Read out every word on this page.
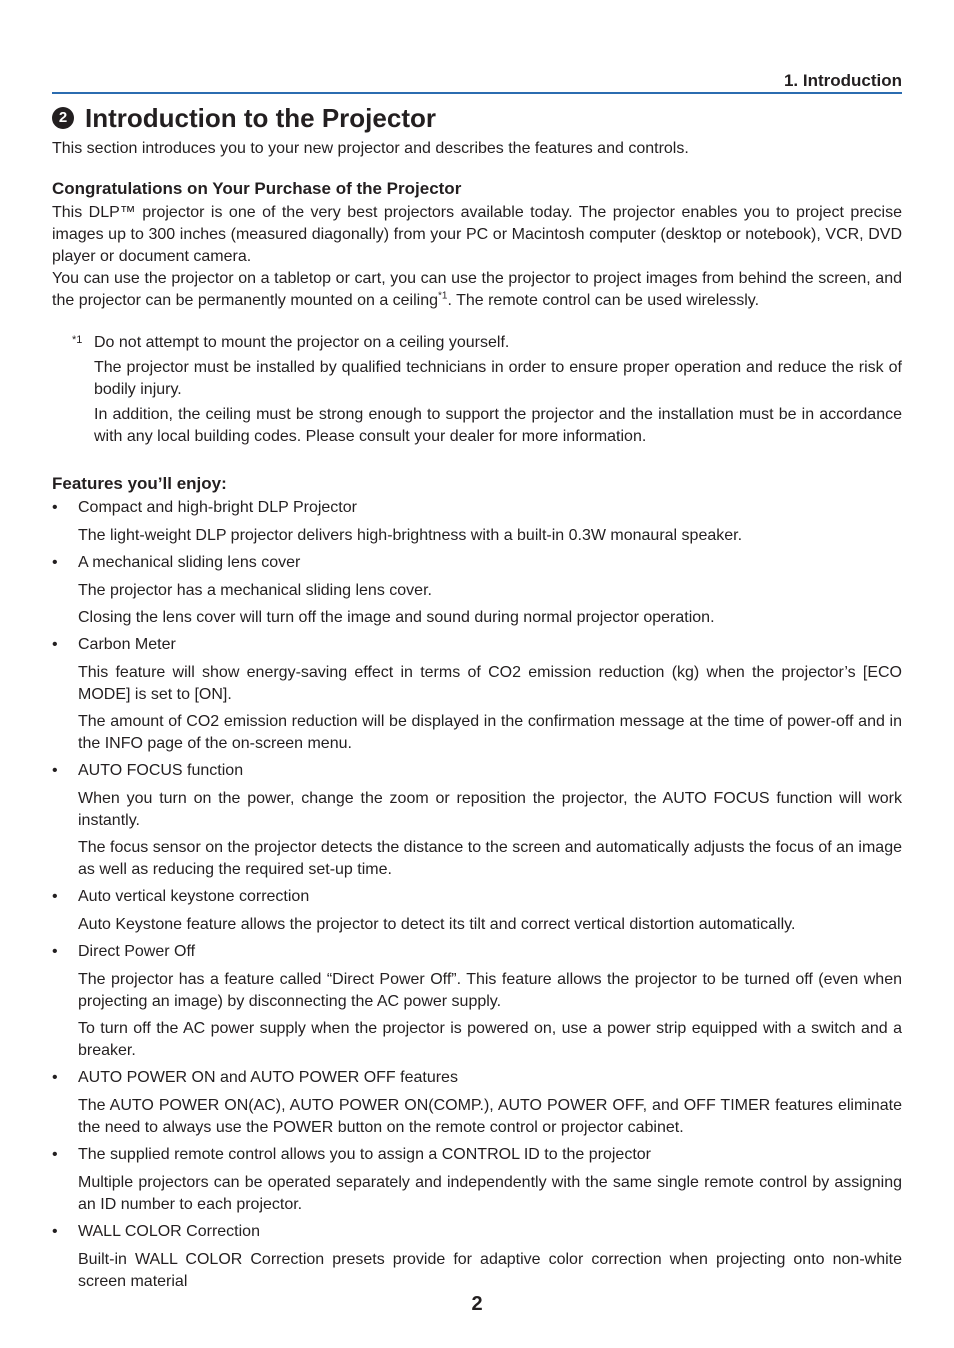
1. Introduction
2 Introduction to the Projector

This section introduces you to your new projector and describes the features and controls.

Congratulations on Your Purchase of the Projector

This DLP™ projector is one of the very best projectors available today. The projector enables you to project precise images up to 300 inches (measured diagonally) from your PC or Macintosh computer (desktop or notebook), VCR, DVD player or document camera.

You can use the projector on a tabletop or cart, you can use the projector to project images from behind the screen, and the projector can be permanently mounted on a ceiling$^{*1}$. The remote control can be used wirelessly.

*1 Do not attempt to mount the projector on a ceiling yourself.

The projector must be installed by qualified technicians in order to ensure proper operation and reduce the risk of bodily injury.

In addition, the ceiling must be strong enough to support the projector and the installation must be in accordance with any local building codes. Please consult your dealer for more information.

Features you’ll enjoy:
• Compact and high-bright DLP Projector

The light-weight DLP projector delivers high-brightness with a built-in 0.3W monaural speaker.

• A mechanical sliding lens cover

The projector has a mechanical sliding lens cover.

Closing the lens cover will turn off the image and sound during normal projector operation.

• Carbon Meter

This feature will show energy-saving effect in terms of CO2 emission reduction (kg) when the projector’s [ECO MODE] is set to [ON].

The amount of CO2 emission reduction will be displayed in the confirmation message at the time of power-off and in the INFO page of the on-screen menu.

• AUTO FOCUS function

When you turn on the power, change the zoom or reposition the projector, the AUTO FOCUS function will work instantly.

The focus sensor on the projector detects the distance to the screen and automatically adjusts the focus of an image as well as reducing the required set-up time.

• Auto vertical keystone correction

Auto Keystone feature allows the projector to detect its tilt and correct vertical distortion automatically.

• Direct Power Off

The projector has a feature called “Direct Power Off”. This feature allows the projector to be turned off (even when projecting an image) by disconnecting the AC power supply.

To turn off the AC power supply when the projector is powered on, use a power strip equipped with a switch and a breaker.

• AUTO POWER ON and AUTO POWER OFF features

The AUTO POWER ON(AC), AUTO POWER ON(COMP.), AUTO POWER OFF, and OFF TIMER features eliminate the need to always use the POWER button on the remote control or projector cabinet.

• The supplied remote control allows you to assign a CONTROL ID to the projector

Multiple projectors can be operated separately and independently with the same single remote control by assigning an ID number to each projector.

• WALL COLOR Correction

Built-in WALL COLOR Correction presets provide for adaptive color correction when projecting onto non-white screen material

2
